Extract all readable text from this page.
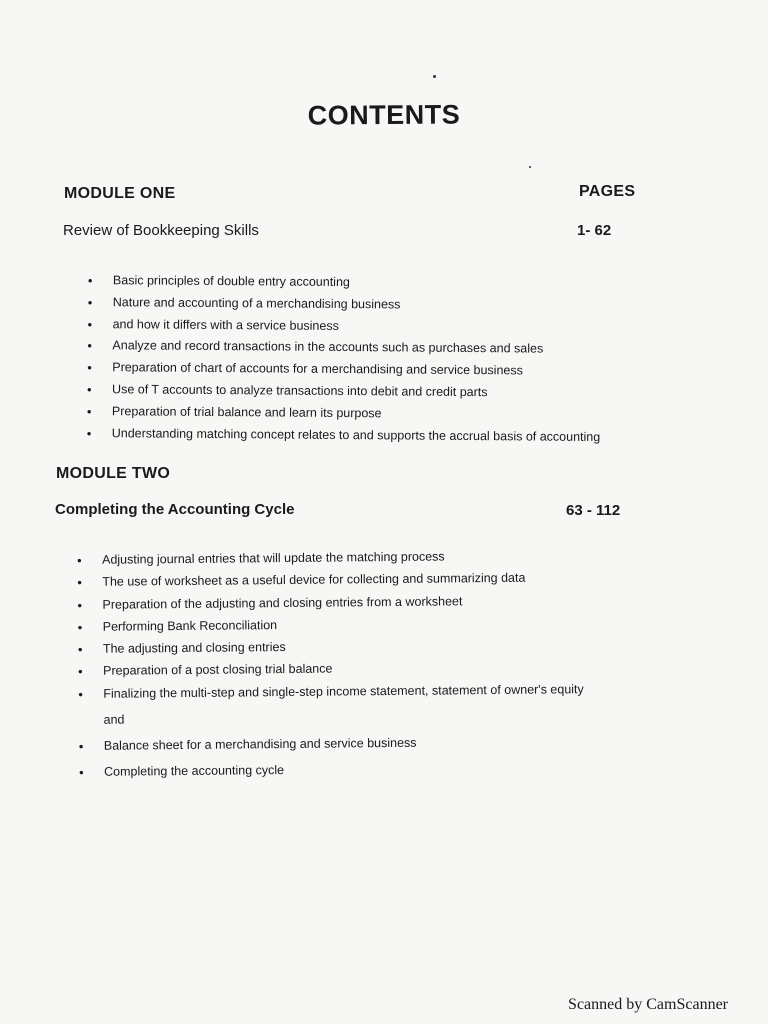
CONTENTS
MODULE ONE	PAGES
Review of Bookkeeping Skills	1- 62
• Basic principles of double entry accounting
• Nature and accounting of a merchandising business
• and how it differs with a service business
• Analyze and record transactions in the accounts such as purchases and sales
• Preparation of chart of accounts for a merchandising and service business
• Use of T accounts to analyze transactions into debit and credit parts
• Preparation of trial balance and learn its purpose
• Understanding matching concept relates to and supports the accrual basis of accounting
MODULE TWO
Completing the Accounting Cycle	63 - 112
• Adjusting journal entries that will update the matching process
• The use of worksheet as a useful device for collecting and summarizing data
• Preparation of the adjusting and closing entries from a worksheet
• Performing Bank Reconciliation
• The adjusting and closing entries
• Preparation of a post closing trial balance
• Finalizing the multi-step and single-step income statement, statement of owner's equity
and
• Balance sheet for a merchandising and service business
• Completing the accounting cycle
Scanned by CamScanner
